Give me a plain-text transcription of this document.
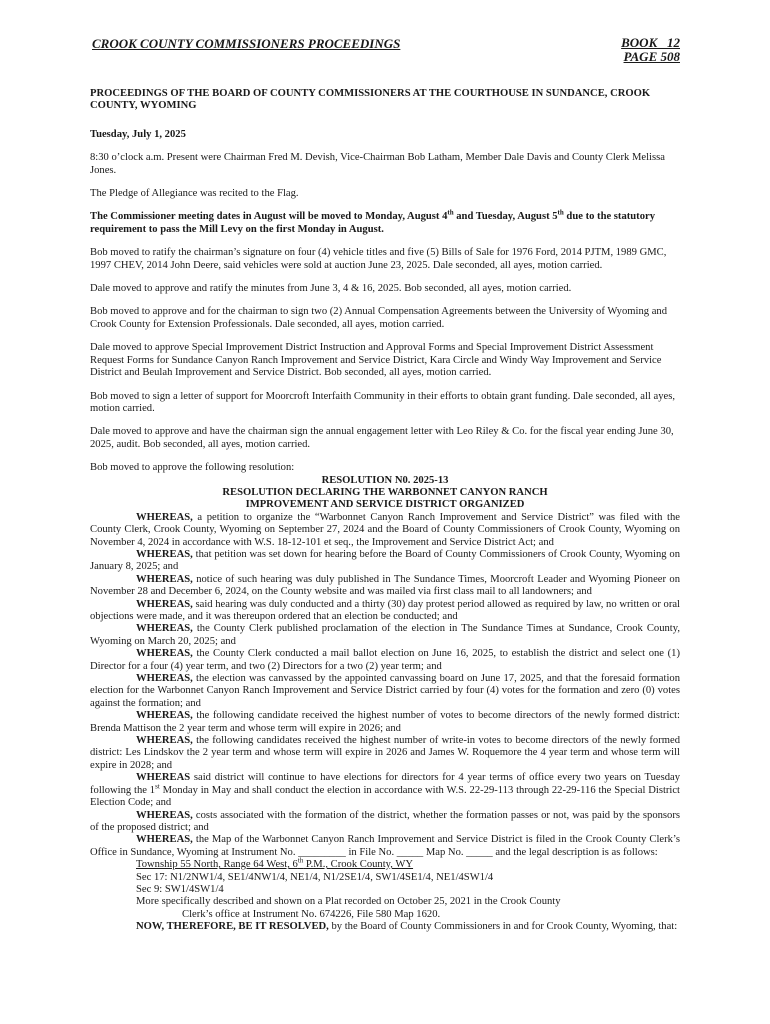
CROOK COUNTY COMMISSIONERS PROCEEDINGS	BOOK   12
PAGE 508

PROCEEDINGS OF THE BOARD OF COUNTY COMMISSIONERS AT THE COURTHOUSE IN SUNDANCE, CROOK COUNTY, WYOMING

Tuesday, July 1, 2025

8:30 o’clock a.m. Present were Chairman Fred M. Devish, Vice-Chairman Bob Latham, Member Dale Davis and County Clerk Melissa Jones.

The Pledge of Allegiance was recited to the Flag.

The Commissioner meeting dates in August will be moved to Monday, August 4th and Tuesday, August 5th due to the statutory requirement to pass the Mill Levy on the first Monday in August.

Bob moved to ratify the chairman’s signature on four (4) vehicle titles and five (5) Bills of Sale for 1976 Ford, 2014 PJTM, 1989 GMC, 1997 CHEV, 2014 John Deere, said vehicles were sold at auction June 23, 2025. Dale seconded, all ayes, motion carried.

Dale moved to approve and ratify the minutes from June 3, 4 & 16, 2025. Bob seconded, all ayes, motion carried.

Bob moved to approve and for the chairman to sign two (2) Annual Compensation Agreements between the University of Wyoming and Crook County for Extension Professionals. Dale seconded, all ayes, motion carried.

Dale moved to approve Special Improvement District Instruction and Approval Forms and Special Improvement District Assessment Request Forms for Sundance Canyon Ranch Improvement and Service District, Kara Circle and Windy Way Improvement and Service District and Beulah Improvement and Service District. Bob seconded, all ayes, motion carried.

Bob moved to sign a letter of support for Moorcroft Interfaith Community in their efforts to obtain grant funding. Dale seconded, all ayes, motion carried.

Dale moved to approve and have the chairman sign the annual engagement letter with Leo Riley & Co. for the fiscal year ending June 30, 2025, audit. Bob seconded, all ayes, motion carried.

Bob moved to approve the following resolution:

RESOLUTION N0. 2025-13

RESOLUTION DECLARING THE WARBONNET CANYON RANCH

IMPROVEMENT AND SERVICE DISTRICT ORGANIZED

WHEREAS, a petition to organize the “Warbonnet Canyon Ranch Improvement and Service District” was filed with the County Clerk, Crook County, Wyoming on September 27, 2024 and the Board of County Commissioners of Crook County, Wyoming on November 4, 2024 in accordance with W.S. 18-12-101 et seq., the Improvement and Service District Act; and

WHEREAS, that petition was set down for hearing before the Board of County Commissioners of Crook County, Wyoming on January 8, 2025; and

WHEREAS, notice of such hearing was duly published in The Sundance Times, Moorcroft Leader and Wyoming Pioneer on November 28 and December 6, 2024, on the County website and was mailed via first class mail to all landowners; and

WHEREAS, said hearing was duly conducted and a thirty (30) day protest period allowed as required by law, no written or oral objections were made, and it was thereupon ordered that an election be conducted; and

WHEREAS, the County Clerk published proclamation of the election in The Sundance Times at Sundance, Crook County, Wyoming on March 20, 2025; and

WHEREAS, the County Clerk conducted a mail ballot election on June 16, 2025, to establish the district and select one (1) Director for a four (4) year term, and two (2) Directors for a two (2) year term; and

WHEREAS, the election was canvassed by the appointed canvassing board on June 17, 2025, and that the foresaid formation election for the Warbonnet Canyon Ranch Improvement and Service District carried by four (4) votes for the formation and zero (0) votes against the formation; and

WHEREAS, the following candidate received the highest number of votes to become directors of the newly formed district: Brenda Mattison the 2 year term and whose term will expire in 2026; and

WHEREAS, the following candidates received the highest number of write-in votes to become directors of the newly formed district: Les Lindskov the 2 year term and whose term will expire in 2026 and James W. Roquemore the 4 year term and whose term will expire in 2028; and

WHEREAS said district will continue to have elections for directors for 4 year terms of office every two years on Tuesday following the 1st Monday in May and shall conduct the election in accordance with W.S. 22-29-113 through 22-29-116 the Special District Election Code; and

WHEREAS, costs associated with the formation of the district, whether the formation passes or not, was paid by the sponsors of the proposed district; and

WHEREAS, the Map of the Warbonnet Canyon Ranch Improvement and Service District is filed in the Crook County Clerk’s Office in Sundance, Wyoming at Instrument No. _________ in File No. _____ Map No. _____ and the legal description is as follows:

Township 55 North, Range 64 West, 6th P.M., Crook County, WY

Sec 17: N1/2NW1/4, SE1/4NW1/4, NE1/4, N1/2SE1/4, SW1/4SE1/4, NE1/4SW1/4

Sec 9: SW1/4SW1/4

More specifically described and shown on a Plat recorded on October 25, 2021 in the Crook County

Clerk’s office at Instrument No. 674226, File 580 Map 1620.

NOW, THEREFORE, BE IT RESOLVED, by the Board of County Commissioners in and for Crook County, Wyoming, that:
